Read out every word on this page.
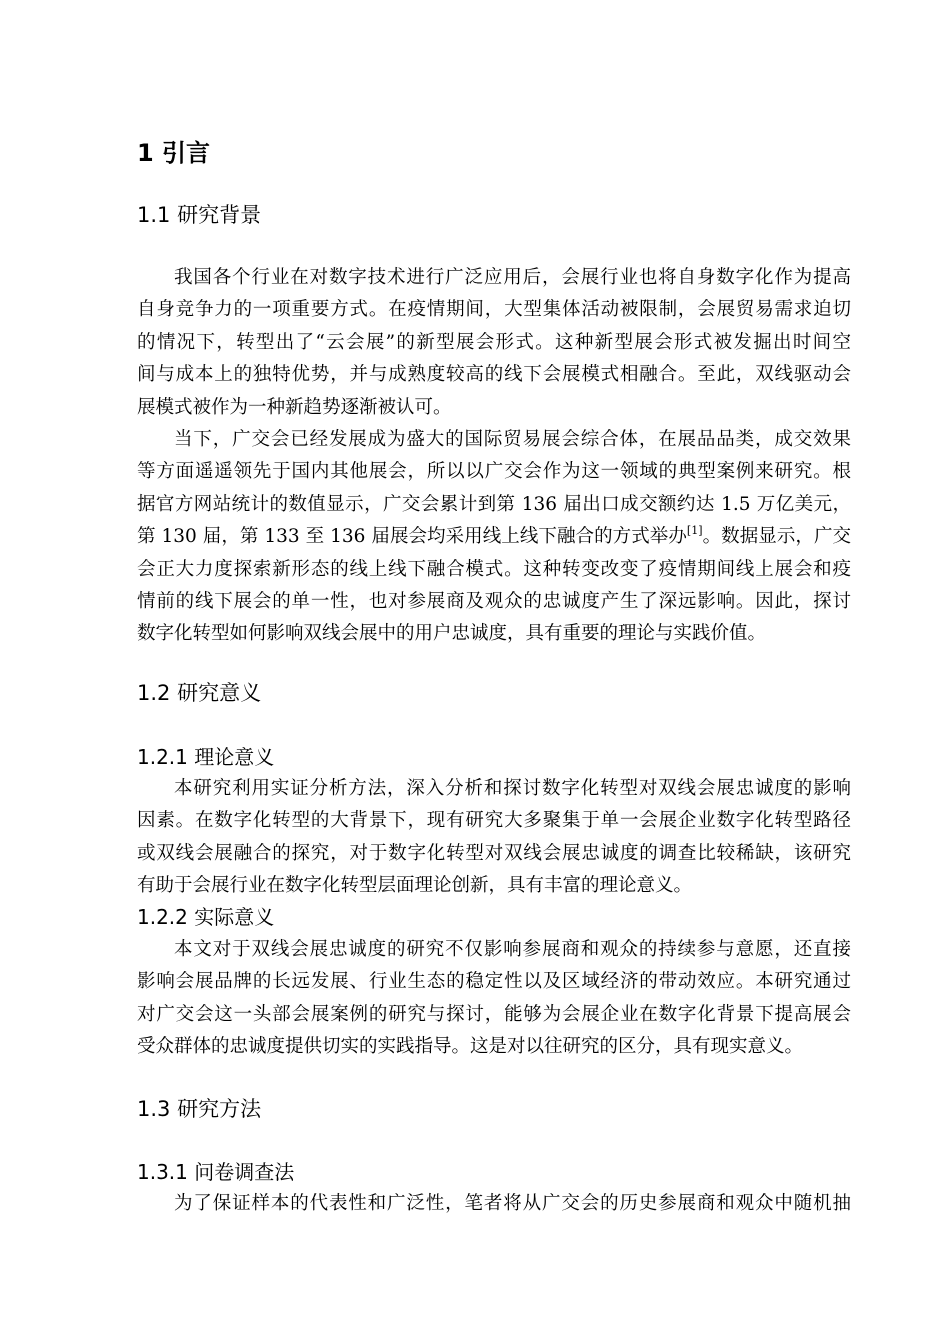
1 引言
1.1 研究背景
我国各个行业在对数字技术进行广泛应用后，会展行业也将自身数字化作为提高
自身竞争力的一项重要方式。在疫情期间，大型集体活动被限制，会展贸易需求迫切
的情况下，转型出了“云会展”的新型展会形式。这种新型展会形式被发掘出时间空
间与成本上的独特优势，并与成熟度较高的线下会展模式相融合。至此，双线驱动会
展模式被作为一种新趋势逐渐被认可。
当下，广交会已经发展成为盛大的国际贸易展会综合体，在展品品类，成交效果
等方面遥遥领先于国内其他展会，所以以广交会作为这一领域的典型案例来研究。根
据官方网站统计的数值显示，广交会累计到第 136 届出口成交额约达 1.5 万亿美元，
第 130 届，第 133 至 136 届展会均采用线上线下融合的方式举办[1]。数据显示，广交
会正大力度探索新形态的线上线下融合模式。这种转变改变了疫情期间线上展会和疫
情前的线下展会的单一性，也对参展商及观众的忠诚度产生了深远影响。因此，探讨
数字化转型如何影响双线会展中的用户忠诚度，具有重要的理论与实践价值。
1.2 研究意义
1.2.1 理论意义
本研究利用实证分析方法，深入分析和探讨数字化转型对双线会展忠诚度的影响
因素。在数字化转型的大背景下，现有研究大多聚集于单一会展企业数字化转型路径
或双线会展融合的探究，对于数字化转型对双线会展忠诚度的调查比较稀缺，该研究
有助于会展行业在数字化转型层面理论创新，具有丰富的理论意义。
1.2.2 实际意义
本文对于双线会展忠诚度的研究不仅影响参展商和观众的持续参与意愿，还直接
影响会展品牌的长远发展、行业生态的稳定性以及区域经济的带动效应。本研究通过
对广交会这一头部会展案例的研究与探讨，能够为会展企业在数字化背景下提高展会
受众群体的忠诚度提供切实的实践指导。这是对以往研究的区分，具有现实意义。
1.3 研究方法
1.3.1 问卷调查法
为了保证样本的代表性和广泛性，笔者将从广交会的历史参展商和观众中随机抽
